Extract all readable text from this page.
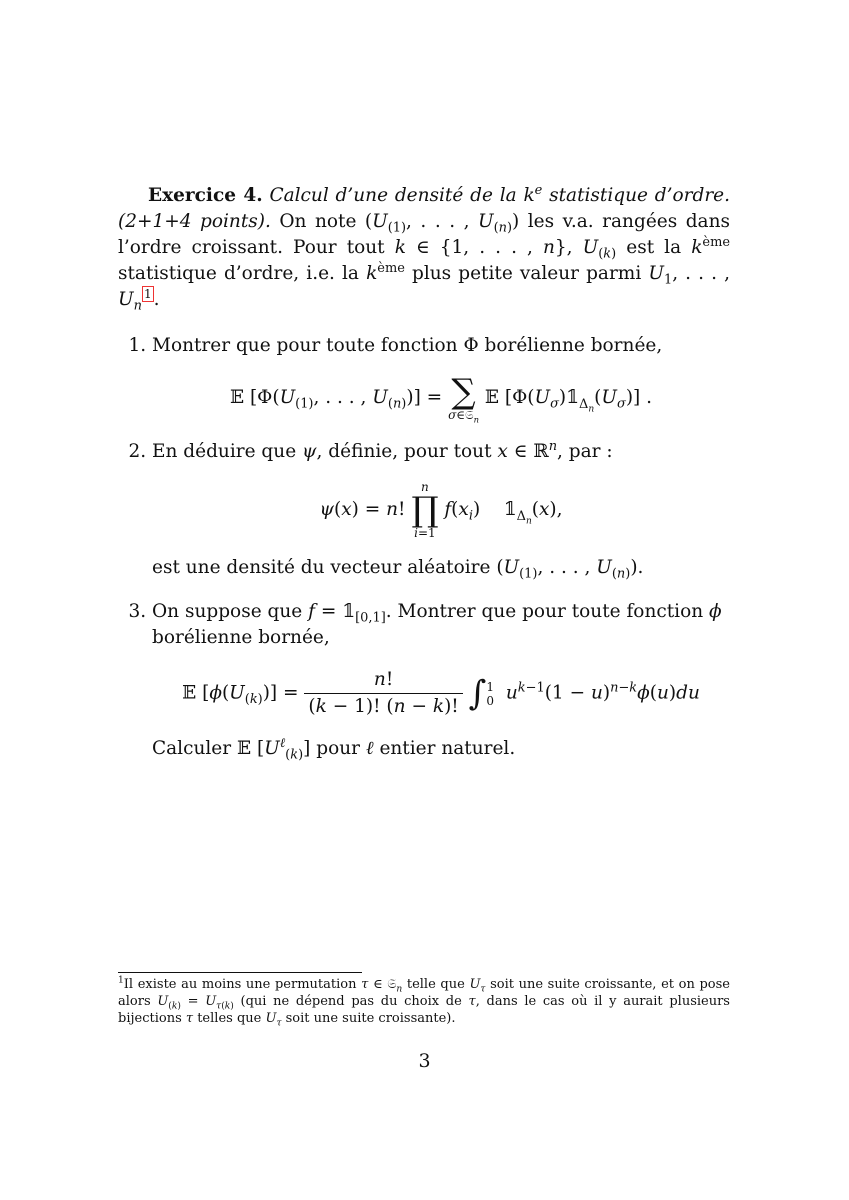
Exercice 4. Calcul d’une densité de la $k^e$ statistique d’ordre. (2+1+4 points). On note ($U_{(1)}$, . . . , $U_{(n)}$) les v.a. rangées dans l’ordre croissant. Pour tout k ∈ {1, . . . , n}, $U_{(k)}$ est la $k^{ème}$ statistique d’ordre, i.e. la $k^{ème}$ plus petite valeur parmi $U_1$, . . . , $U_n^1$ .

1. Montrer que pour toute fonction Φ borélienne bornée,
𝔼 [$\Phi(U_{(1)}$, . . . , $U_{(n)}$)] = ∑
σ∈𝔖$_n$
𝔼 $[\Phi(U_\sigma)𝟙_{\Delta_n}(U_\sigma)]$ .
2. En déduire que ψ, définie, pour tout x ∈ ℝ$^n$, par :
ψ(x) = n!
n
∏
i=1
$f(x_i)$    $𝟙_{\Delta_n}(x)$,
est une densité du vecteur aléatoire ($U_{(1)}$, . . . , $U_{(n)}$).
3. On suppose que $f = 𝟙_{[0,1]}$. Montrer que pour toute fonction ϕ borélienne bornée,
𝔼 $[\phi(U_{(k)})] = \frac{n!}{(k - 1)! (n - k)!}$ ∫ 1
0 $u^{k-1}(1 - u)^{n-k}\phi(u)du$
Calculer 𝔼 $[U^\ell_{(k)}]$ pour ℓ entier naturel.
$^1$Il existe au moins une permutation τ ∈ 𝔖$_n$ telle que $U_\tau$ soit une suite croissante, et on pose alors $U_{(k)} = U_{\tau(k)}$ (qui ne dépend pas du choix de τ, dans le cas où il y aurait plusieurs bijections τ telles que $U_\tau$ soit une suite croissante).
3
